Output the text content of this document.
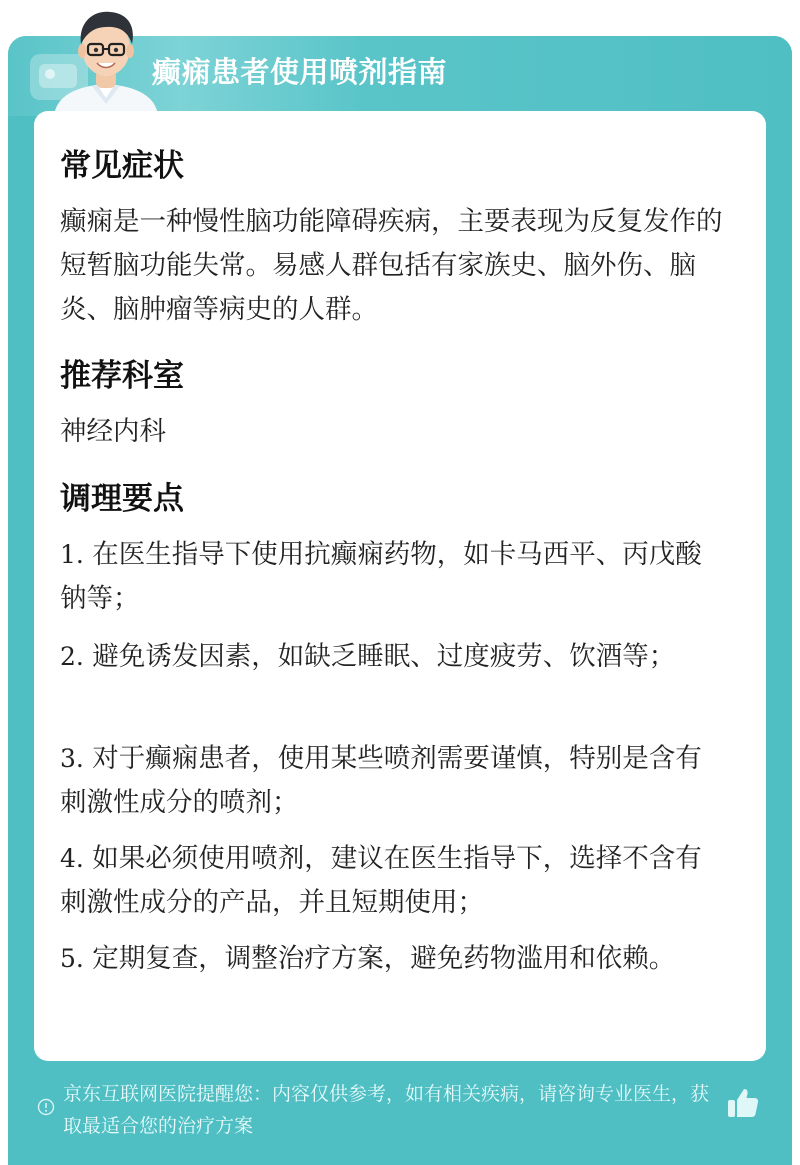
癫痫患者使用喷剂指南
常见症状
癫痫是一种慢性脑功能障碍疾病，主要表现为反复发作的短暂脑功能失常。易感人群包括有家族史、脑外伤、脑炎、脑肿瘤等病史的人群。
推荐科室
神经内科
调理要点
1. 在医生指导下使用抗癫痫药物，如卡马西平、丙戊酸钠等；
2. 避免诱发因素，如缺乏睡眠、过度疲劳、饮酒等；
3. 对于癫痫患者，使用某些喷剂需要谨慎，特别是含有刺激性成分的喷剂；
4. 如果必须使用喷剂，建议在医生指导下，选择不含有刺激性成分的产品，并且短期使用；
5. 定期复查，调整治疗方案，避免药物滥用和依赖。
京东互联网医院提醒您：内容仅供参考，如有相关疾病，请咨询专业医生，获取最适合您的治疗方案
